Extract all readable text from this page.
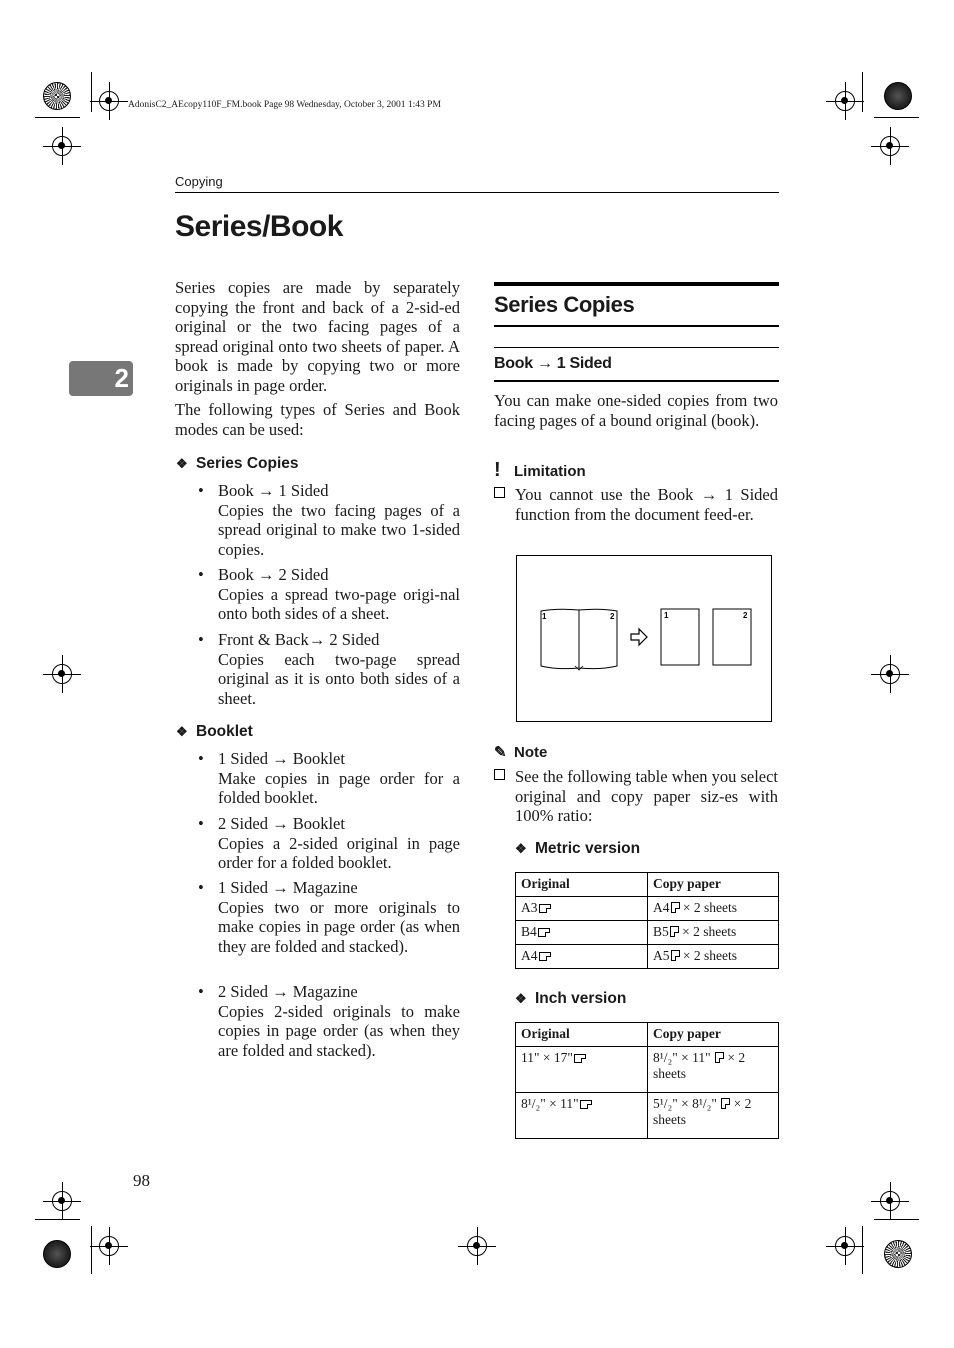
AdonisC2_AEcopy110F_FM.book Page 98 Wednesday, October 3, 2001 1:43 PM
Copying
Series/Book
2
Series copies are made by separately copying the front and back of a 2-sid-ed original or the two facing pages of a spread original onto two sheets of paper. A book is made by copying two or more originals in page order.
The following types of Series and Book modes can be used:
❖ Series Copies
• Book → 1 Sided
Copies the two facing pages of a spread original to make two 1-sided copies.
• Book → 2 Sided
Copies a spread two-page origi-nal onto both sides of a sheet.
• Front & Back→ 2 Sided
Copies each two-page spread original as it is onto both sides of a sheet.
❖ Booklet
• 1 Sided → Booklet
Make copies in page order for a folded booklet.
• 2 Sided → Booklet
Copies a 2-sided original in page order for a folded booklet.
• 1 Sided → Magazine
Copies two or more originals to make copies in page order (as when they are folded and stacked).
• 2 Sided → Magazine
Copies 2-sided originals to make copies in page order (as when they are folded and stacked).
Series Copies
Book → 1 Sided
You can make one-sided copies from two facing pages of a bound original (book).
! Limitation
You cannot use the Book → 1 Sided function from the document feed-er.
1	2	1	2
✎ Note
See the following table when you select original and copy paper siz-es with 100% ratio:
❖ Metric version
Original	Copy paper
A3	A4 × 2 sheets
B4	B5 × 2 sheets
A4	A5 × 2 sheets
❖ Inch version
Original	Copy paper
11" × 17"	8¹/₂" × 11" × 2 sheets
8¹/₂" × 11"	5¹/₂" × 8¹/₂" × 2 sheets
98
